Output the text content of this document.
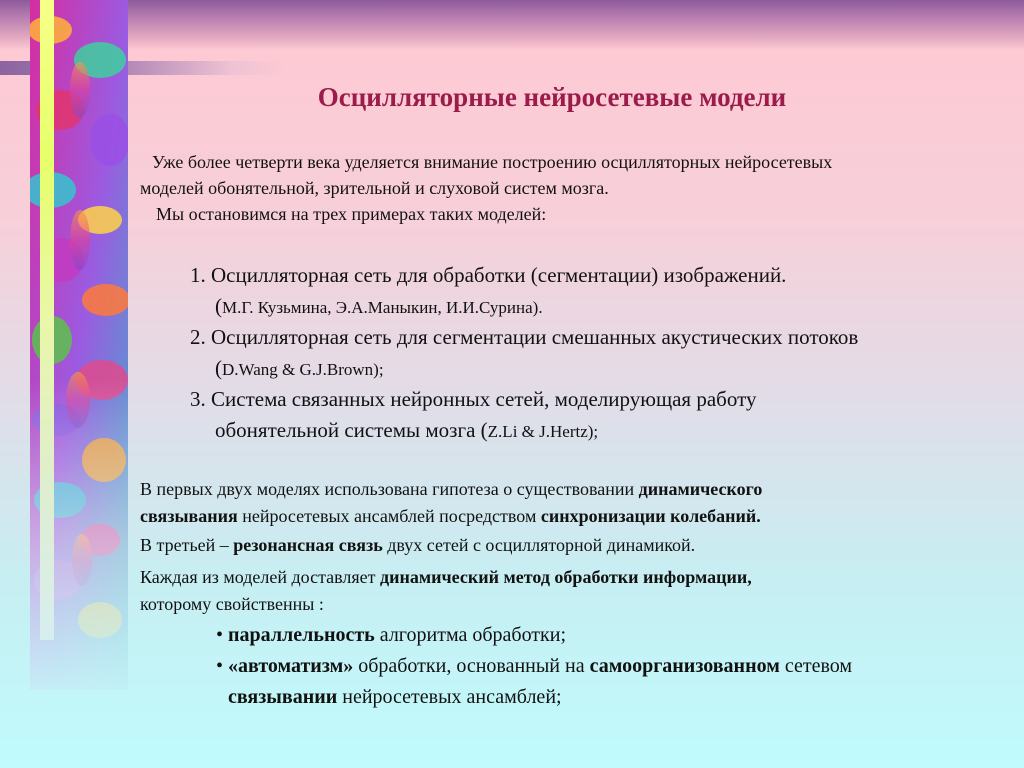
Осцилляторные нейросетевые модели
Уже более четверти века уделяется внимание построению осцилляторных нейросетевых
моделей обонятельной, зрительной и слуховой систем мозга.
Мы остановимся на трех примерах таких моделей:
1. Осцилляторная сеть для обработки (сегментации) изображений.
(М.Г. Кузьмина, Э.А.Маныкин, И.И.Сурина).
2. Осцилляторная сеть для сегментации смешанных акустических потоков
(D.Wang & G.J.Brown);
3. Система связанных нейронных сетей, моделирующая работу
обонятельной системы мозга (Z.Li & J.Hertz);
В первых двух моделях использована гипотеза о существовании динамического
связывания нейросетевых ансамблей посредством синхронизации колебаний.
В третьей – резонансная связь двух сетей с осцилляторной динамикой.
Каждая из моделей доставляет динамический метод обработки информации,
которому свойственны :
• параллельность алгоритма обработки;
• «автоматизм» обработки, основанный на самоорганизованном сетевом
связывании нейросетевых ансамблей;
